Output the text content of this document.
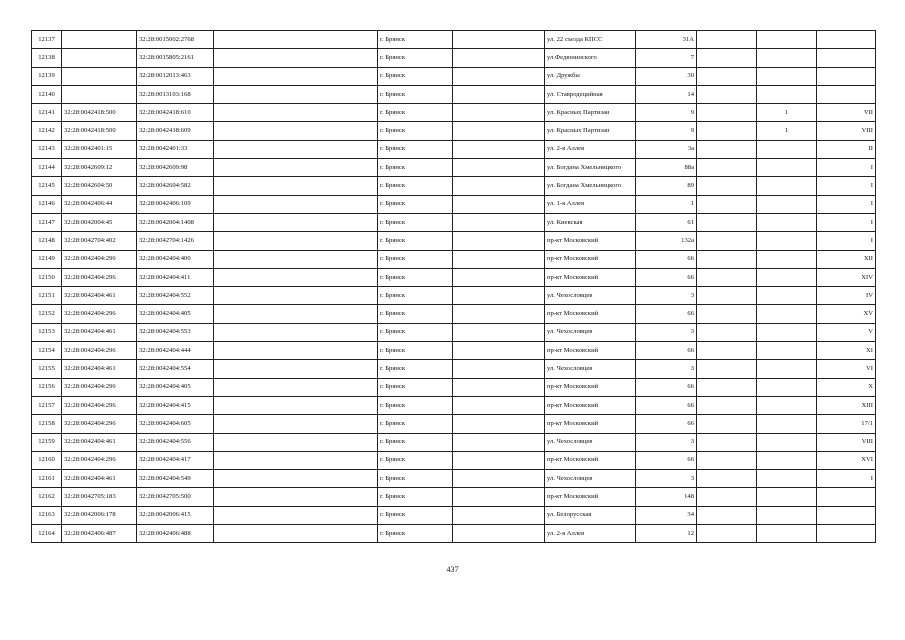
12137		32:28:0015002:2768		г. Брянск		ул. 22 съезда КПСС	31А			
12138		32:28:0015805:2161		г. Брянск		ул.Федюнинского	7			
12139		32:28:0012013:463		г. Брянск		ул. Дружбы	30			
12140		32:28:0013103:168		г. Брянск		ул. Ставродецийная	14			
12141	32:28:0042418:500	32:28:0042418:610		г. Брянск		ул. Красных Партизан	9		1	VII
12142	32:28:0042418:500	32:28:0042418:609		г. Брянск		ул. Красных Партизан	9		1	VIII
12143	32:28:0042401:15	32:28:0042401:33		г. Брянск		ул. 2-я Аллея	3а			II
12144	32:28:0042609:12	32:28:0042609:98		г. Брянск		ул. Богдана Хмельницкого	88а			I
12145	32:28:0042604:50	32:28:0042604:582		г. Брянск		ул. Богдана Хмельницкого	89			I
12146	32:28:0042406:44	32:28:0042406:109		г. Брянск		ул. 1-я Аллея	1			I
12147	32:28:0042004:45	32:28:0042004:1408		г. Брянск		ул. Киевская	61			I
12148	32:28:0042704:402	32:28:0042704:1426		г. Брянск		пр-кт Московский	132а			I
12149	32:28:0042404:296	32:28:0042404:400		г. Брянск		пр-кт Московский	66			XII
12150	32:28:0042404:296	32:28:0042404:411		г. Брянск		пр-кт Московский	66			XIV
12151	32:28:0042404:461	32:28:0042404:552		г. Брянск		ул. Чехословцев	3			IV
12152	32:28:0042404:296	32:28:0042404:405		г. Брянск		пр-кт Московский	66			XV
12153	32:28:0042404:461	32:28:0042404:553		г. Брянск		ул. Чехословцев	3			V
12154	32:28:0042404:296	32:28:0042404:444		г. Брянск		пр-кт Московский	66			XI
12155	32:28:0042404:461	32:28:0042404:554		г. Брянск		ул. Чехословцев	3			VI
12156	32:28:0042404:296	32:28:0042404:405		г. Брянск		пр-кт Московский	66			X
12157	32:28:0042404:296	32:28:0042404:415		г. Брянск		пр-кт Московский	66			XIII
12158	32:28:0042404:296	32:28:0042404:605		г. Брянск		пр-кт Московский	66			17/1
12159	32:28:0042404:461	32:28:0042404:556		г. Брянск		ул. Чехословцев	3			VIII
12160	32:28:0042404:296	32:28:0042404:417		г. Брянск		пр-кт Московский	66			XVI
12161	32:28:0042404:461	32:28:0042404:549		г. Брянск		ул. Чехословцев	3			I
12162	32:28:0042705:183	32:28:0042705:500		г. Брянск		пр-кт Московский	148			
12163	32:28:0042006:178	32:28:0042006:415		г. Брянск		ул. Белорусская	34			
12164	32:28:0042406:487	32:28:0042406:488		г. Брянск		ул. 2-я Аллея	12			
437
